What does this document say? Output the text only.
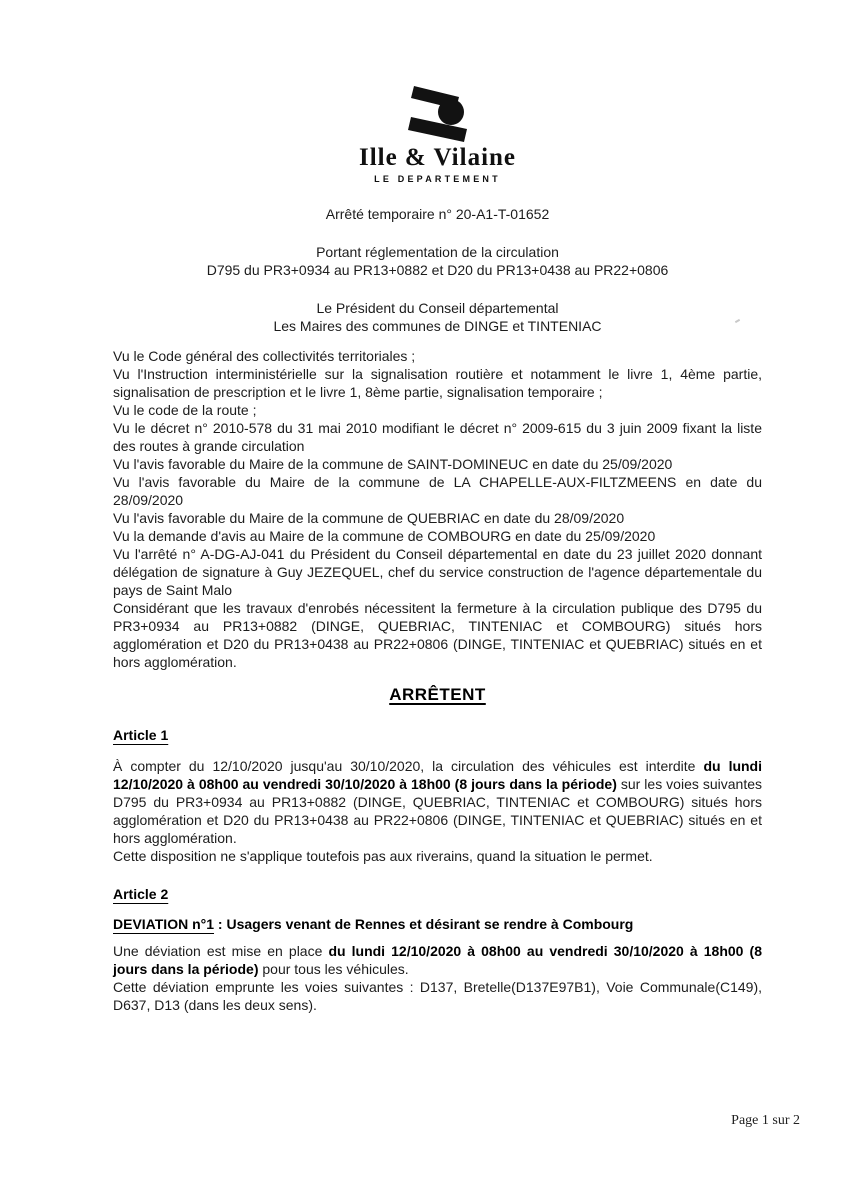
Ille & Vilaine
LE DEPARTEMENT
Arrêté temporaire n° 20-A1-T-01652
Portant réglementation de la circulation
D795 du PR3+0934 au PR13+0882 et D20 du PR13+0438 au PR22+0806
Le Président du Conseil départemental
Les Maires des communes de DINGE et TINTENIAC

Vu le Code général des collectivités territoriales ;

Vu l'Instruction interministérielle sur la signalisation routière et notamment le livre 1, 4ème partie, signalisation de prescription et le livre 1, 8ème partie, signalisation temporaire ;

Vu le code de la route ;

Vu le décret n° 2010-578 du 31 mai 2010 modifiant le décret n° 2009-615 du 3 juin 2009 fixant la liste des routes à grande circulation

Vu l'avis favorable du Maire de la commune de SAINT-DOMINEUC en date du 25/09/2020

Vu l'avis favorable du Maire de la commune de LA CHAPELLE-AUX-FILTZMEENS en date du 28/09/2020

Vu l'avis favorable du Maire de la commune de QUEBRIAC en date du 28/09/2020

Vu la demande d'avis au Maire de la commune de COMBOURG en date du 25/09/2020

Vu l'arrêté n° A-DG-AJ-041 du Président du Conseil départemental en date du 23 juillet 2020 donnant délégation de signature à Guy JEZEQUEL, chef du service construction de l'agence départementale du pays de Saint Malo

Considérant que les travaux d'enrobés nécessitent la fermeture à la circulation publique des D795 du PR3+0934 au PR13+0882 (DINGE, QUEBRIAC, TINTENIAC et COMBOURG) situés hors agglomération et D20 du PR13+0438 au PR22+0806 (DINGE, TINTENIAC et QUEBRIAC) situés en et hors agglomération.

ARRÊTENT
Article 1

À compter du 12/10/2020 jusqu'au 30/10/2020, la circulation des véhicules est interdite du lundi 12/10/2020 à 08h00 au vendredi 30/10/2020 à 18h00 (8 jours dans la période) sur les voies suivantes D795 du PR3+0934 au PR13+0882 (DINGE, QUEBRIAC, TINTENIAC et COMBOURG) situés hors agglomération et D20 du PR13+0438 au PR22+0806 (DINGE, TINTENIAC et QUEBRIAC) situés en et hors agglomération.

Cette disposition ne s'applique toutefois pas aux riverains, quand la situation le permet.

Article 2
DEVIATION n°1 : Usagers venant de Rennes et désirant se rendre à Combourg

Une déviation est mise en place du lundi 12/10/2020 à 08h00 au vendredi 30/10/2020 à 18h00 (8 jours dans la période) pour tous les véhicules.

Cette déviation emprunte les voies suivantes : D137, Bretelle(D137E97B1), Voie Communale(C149), D637, D13 (dans les deux sens).

Page 1 sur 2
